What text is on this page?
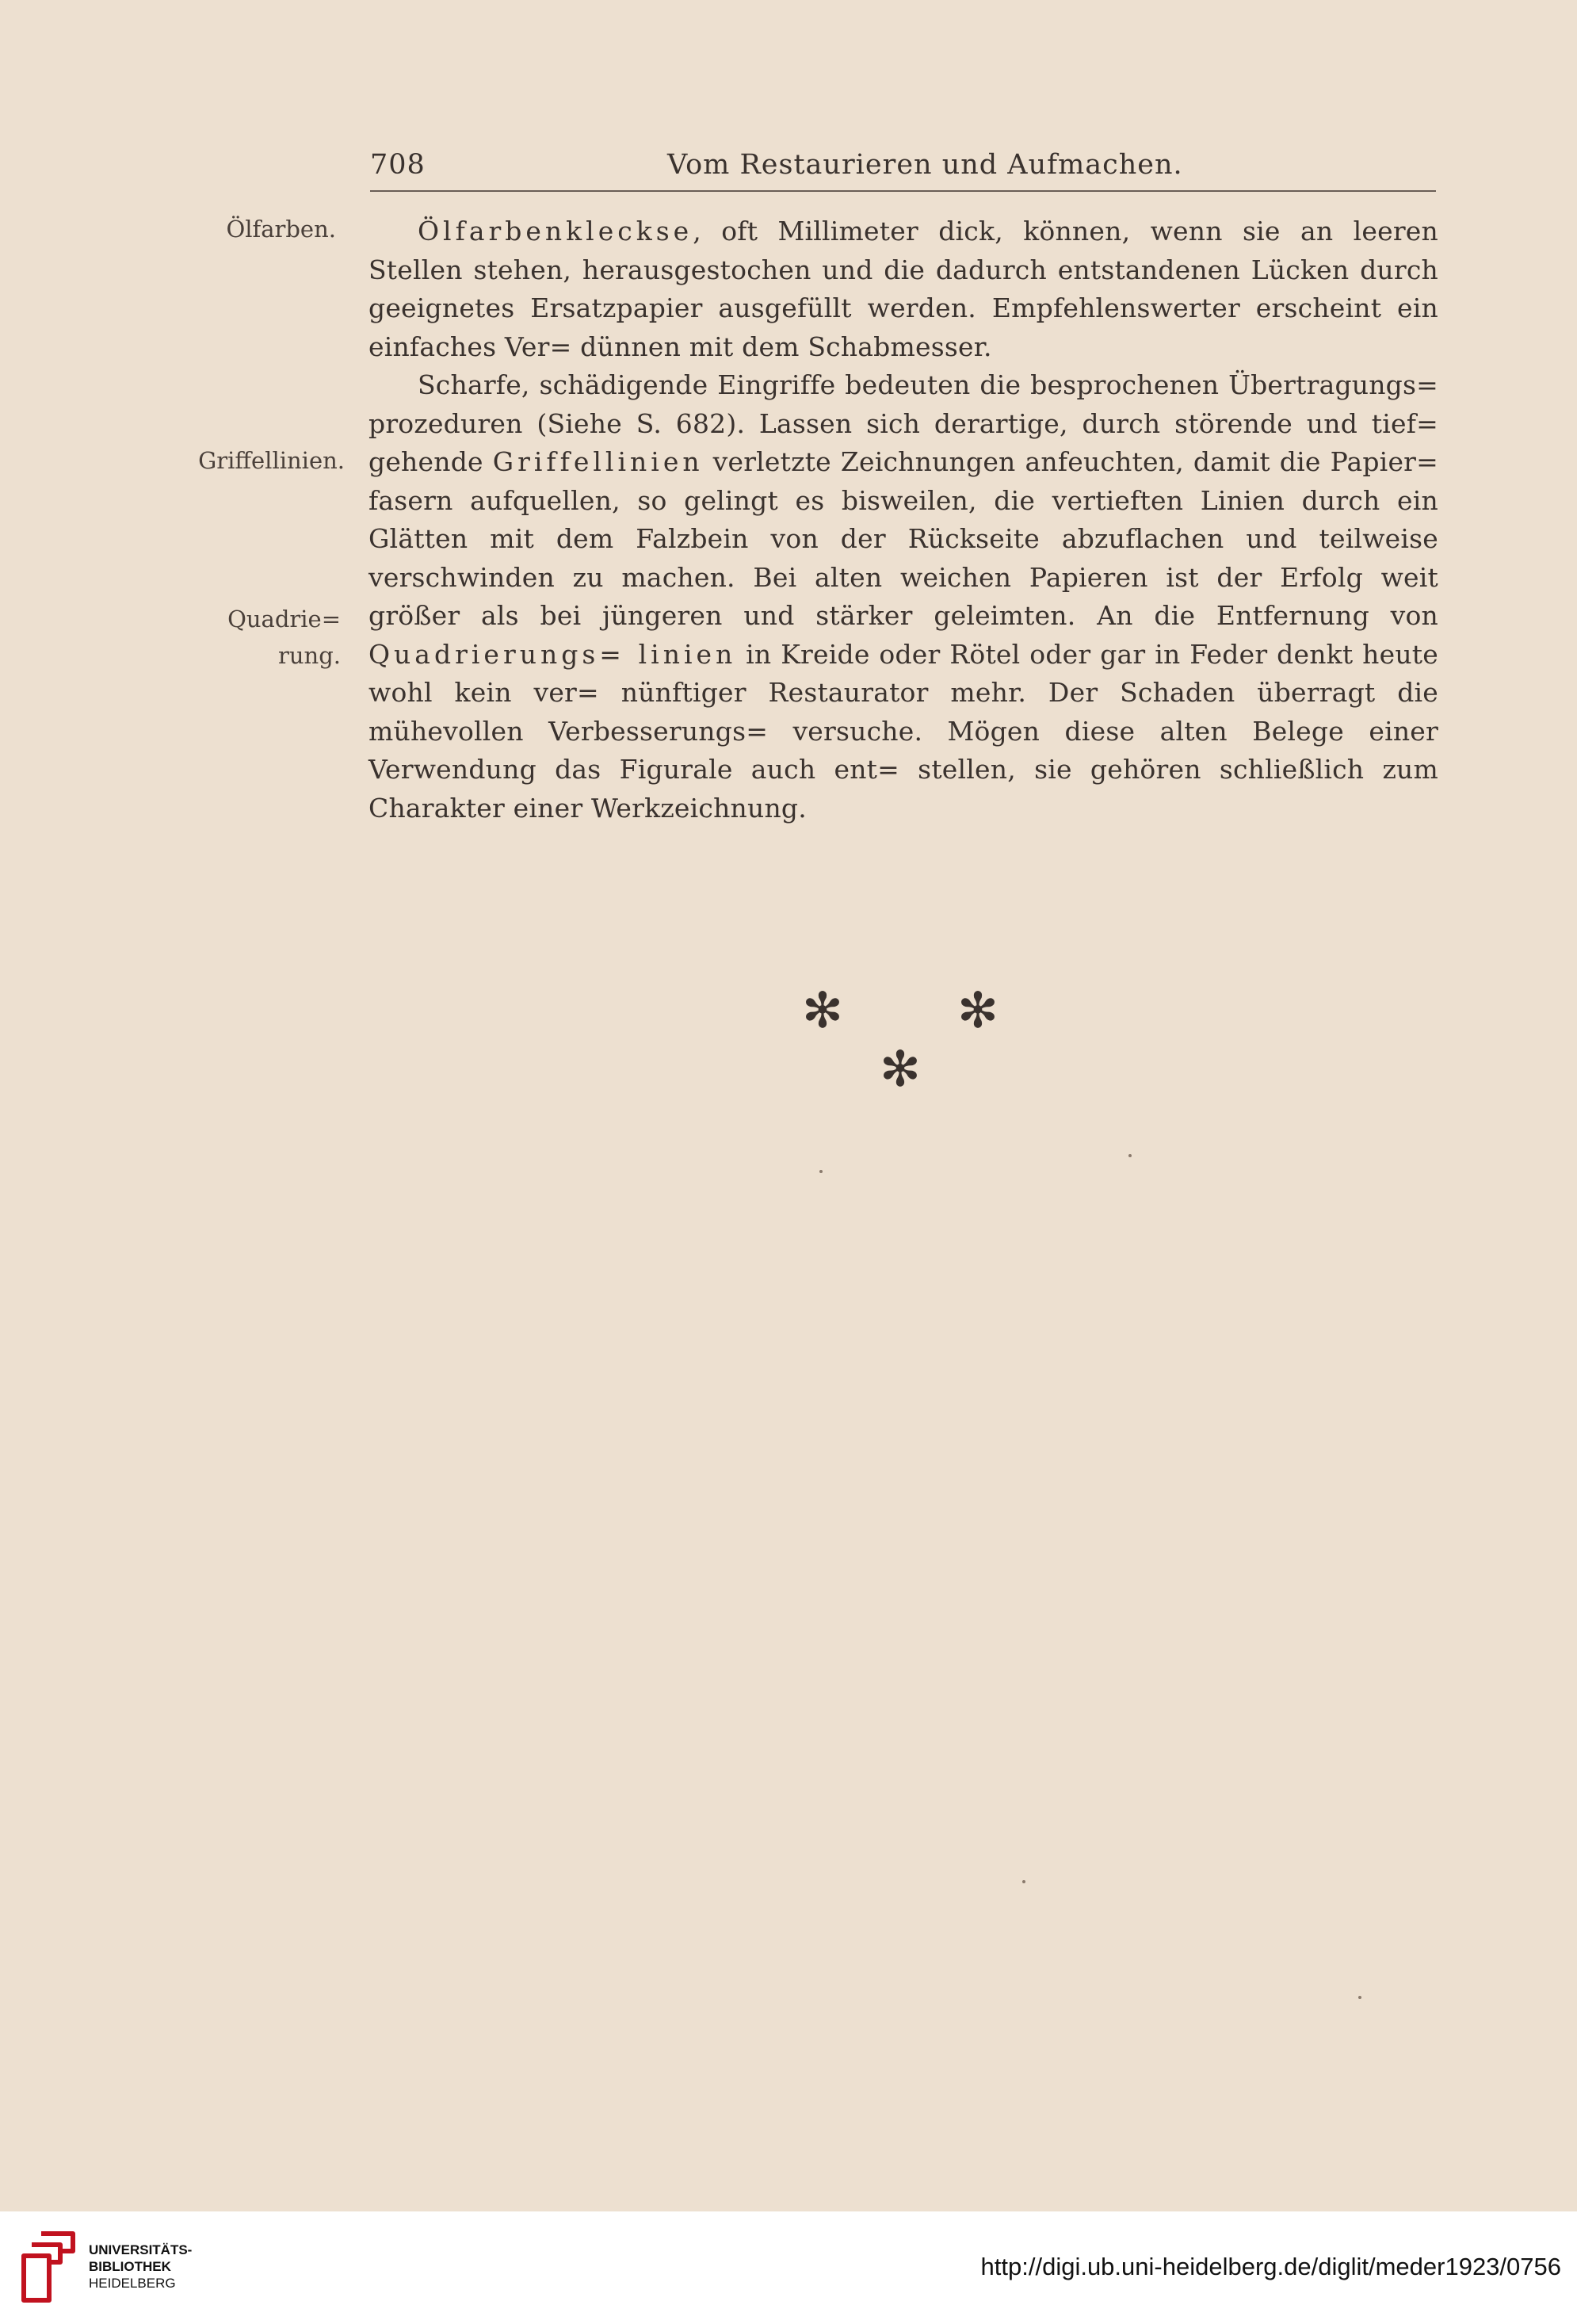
708	Vom Restaurieren und Aufmachen.
Ölfarben.
Griffellinien.
Quadrie=
rung.

Ölfarbenkleckse, oft Millimeter dick, können, wenn sie an leeren Stellen stehen, herausgestochen und die dadurch entstandenen Lücken durch geeignetes Ersatzpapier ausgefüllt werden. Empfehlenswerter erscheint ein einfaches Ver= dünnen mit dem Schabmesser.

Scharfe, schädigende Eingriffe bedeuten die besprochenen Übertragungs= prozeduren (Siehe S. 682). Lassen sich derartige, durch störende und tief= gehende Griffellinien verletzte Zeichnungen anfeuchten, damit die Papier= fasern aufquellen, so gelingt es bisweilen, die vertieften Linien durch ein Glätten mit dem Falzbein von der Rückseite abzuflachen und teilweise verschwinden zu machen. Bei alten weichen Papieren ist der Erfolg weit größer als bei jüngeren und stärker geleimten. An die Entfernung von Quadrierungs= linien in Kreide oder Rötel oder gar in Feder denkt heute wohl kein ver= nünftiger Restaurator mehr. Der Schaden überragt die mühevollen Verbesserungs= versuche. Mögen diese alten Belege einer Verwendung das Figurale auch ent= stellen, sie gehören schließlich zum Charakter einer Werkzeichnung.

✻ ✻
✻
UNIVERSITÄTS-
BIBLIOTHEK
HEIDELBERG
http://digi.ub.uni-heidelberg.de/diglit/meder1923/0756
